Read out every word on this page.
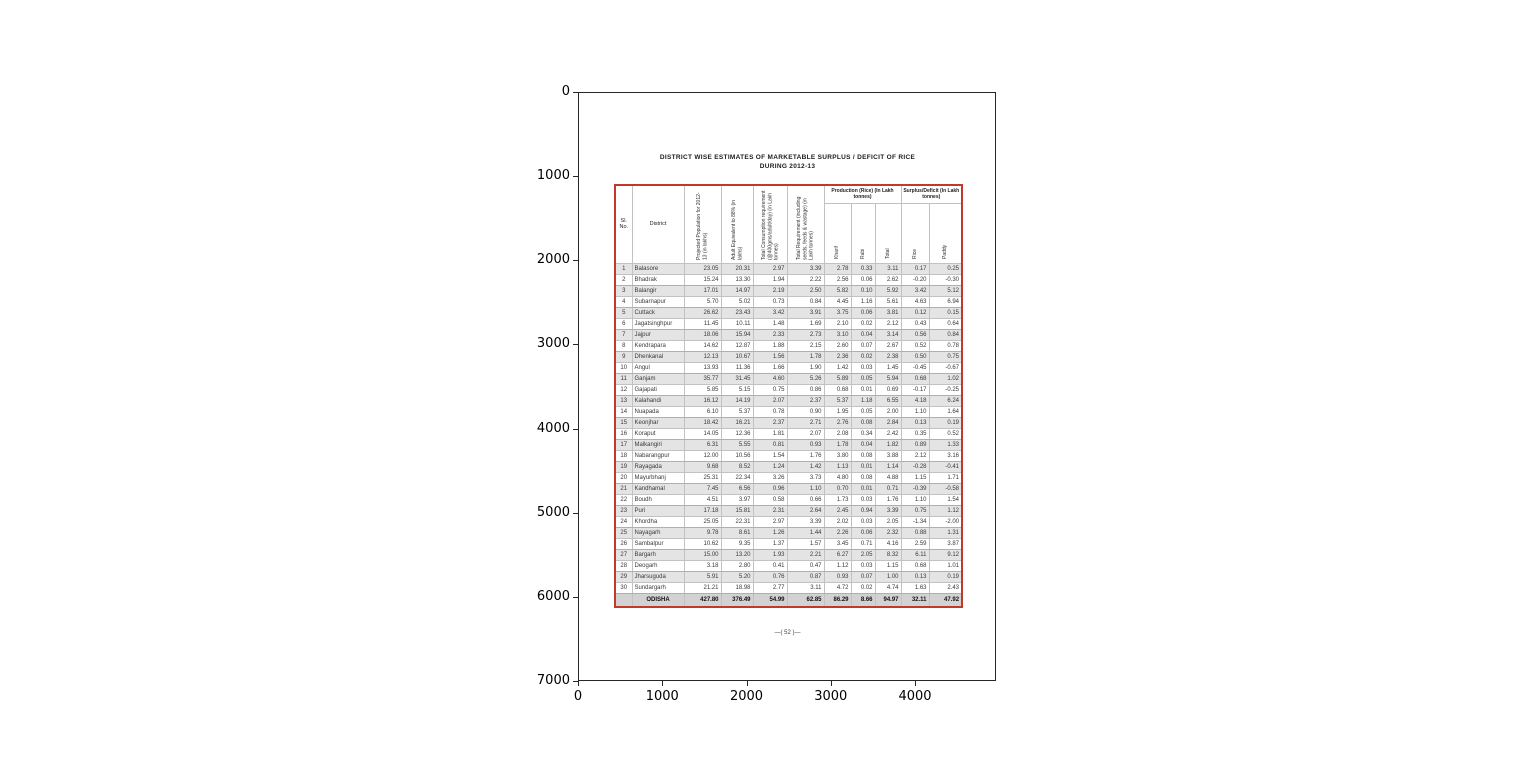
DISTRICT WISE ESTIMATES OF MARKETABLE SURPLUS / DEFICIT OF RICE
DURING 2012-13
Sl. No.	District	Projected Population for 2012-13 (in lakhs)	Adult Equivalent to 88% (in lakhs)	Total Consumption requirement (@400gms/adult/day) (in Lakh tonnes)	Total Requirement (including seeds, feeds & wastage) (in Lakh tonnes)	Production (Rice) (In Lakh tonnes)			Surplus/Deficit (In Lakh tonnes)	

						Kharif	Rabi	Total	Rice	Paddy

1	Balasore	23.05	20.31	2.97	3.39	2.78	0.33	3.11	0.17	0.25
2	Bhadrak	15.24	13.30	1.94	2.22	2.56	0.06	2.62	-0.20	-0.30
3	Balangir	17.01	14.97	2.19	2.50	5.82	0.10	5.92	3.42	5.12
4	Subarnapur	5.70	5.02	0.73	0.84	4.45	1.16	5.61	4.63	6.94
5	Cuttack	26.62	23.43	3.42	3.91	3.75	0.06	3.81	0.12	0.15
6	Jagatsinghpur	11.45	10.11	1.48	1.69	2.10	0.02	2.12	0.43	0.64
7	Jajpur	18.06	15.94	2.33	2.73	3.10	0.04	3.14	0.56	0.84
8	Kendrapara	14.62	12.87	1.88	2.15	2.60	0.07	2.67	0.52	0.78
9	Dhenkanal	12.13	10.67	1.56	1.78	2.36	0.02	2.38	0.50	0.75
10	Angul	13.93	11.36	1.66	1.90	1.42	0.03	1.45	-0.45	-0.67
11	Ganjam	35.77	31.45	4.60	5.26	5.89	0.05	5.94	0.68	1.02
12	Gajapati	5.85	5.15	0.75	0.86	0.68	0.01	0.69	-0.17	-0.25
13	Kalahandi	16.12	14.19	2.07	2.37	5.37	1.18	6.55	4.18	6.24
14	Nuapada	6.10	5.37	0.78	0.90	1.95	0.05	2.00	1.10	1.64
15	Keonjhar	18.42	16.21	2.37	2.71	2.76	0.08	2.84	0.13	0.19
16	Koraput	14.05	12.36	1.81	2.07	2.08	0.34	2.42	0.35	0.52
17	Malkangiri	6.31	5.55	0.81	0.93	1.78	0.04	1.82	0.89	1.33
18	Nabarangpur	12.00	10.56	1.54	1.76	3.80	0.08	3.88	2.12	3.16
19	Rayagada	9.68	8.52	1.24	1.42	1.13	0.01	1.14	-0.28	-0.41
20	Mayurbhanj	25.31	22.34	3.26	3.73	4.80	0.08	4.88	1.15	1.71
21	Kandhamal	7.45	6.56	0.96	1.10	0.70	0.01	0.71	-0.39	-0.58
22	Boudh	4.51	3.97	0.58	0.66	1.73	0.03	1.76	1.10	1.54
23	Puri	17.18	15.81	2.31	2.64	2.45	0.94	3.39	0.75	1.12
24	Khordha	25.05	22.31	2.97	3.39	2.02	0.03	2.05	-1.34	-2.00
25	Nayagarh	9.78	8.61	1.26	1.44	2.26	0.06	2.32	0.88	1.31
26	Sambalpur	10.62	9.35	1.37	1.57	3.45	0.71	4.16	2.59	3.87
27	Bargarh	15.00	13.20	1.93	2.21	6.27	2.05	8.32	6.11	9.12
28	Deogarh	3.18	2.80	0.41	0.47	1.12	0.03	1.15	0.68	1.01
29	Jharsuguda	5.91	5.20	0.76	0.87	0.93	0.07	1.00	0.13	0.19
30	Sundargarh	21.21	18.98	2.77	3.11	4.72	0.02	4.74	1.63	2.43
	ODISHA	427.80	376.49	54.99	62.85	86.29	8.66	94.97	32.11	47.92
—( 52 )—
0
1000
2000
3000
4000
5000
6000
7000
0	1000	2000	3000	4000
